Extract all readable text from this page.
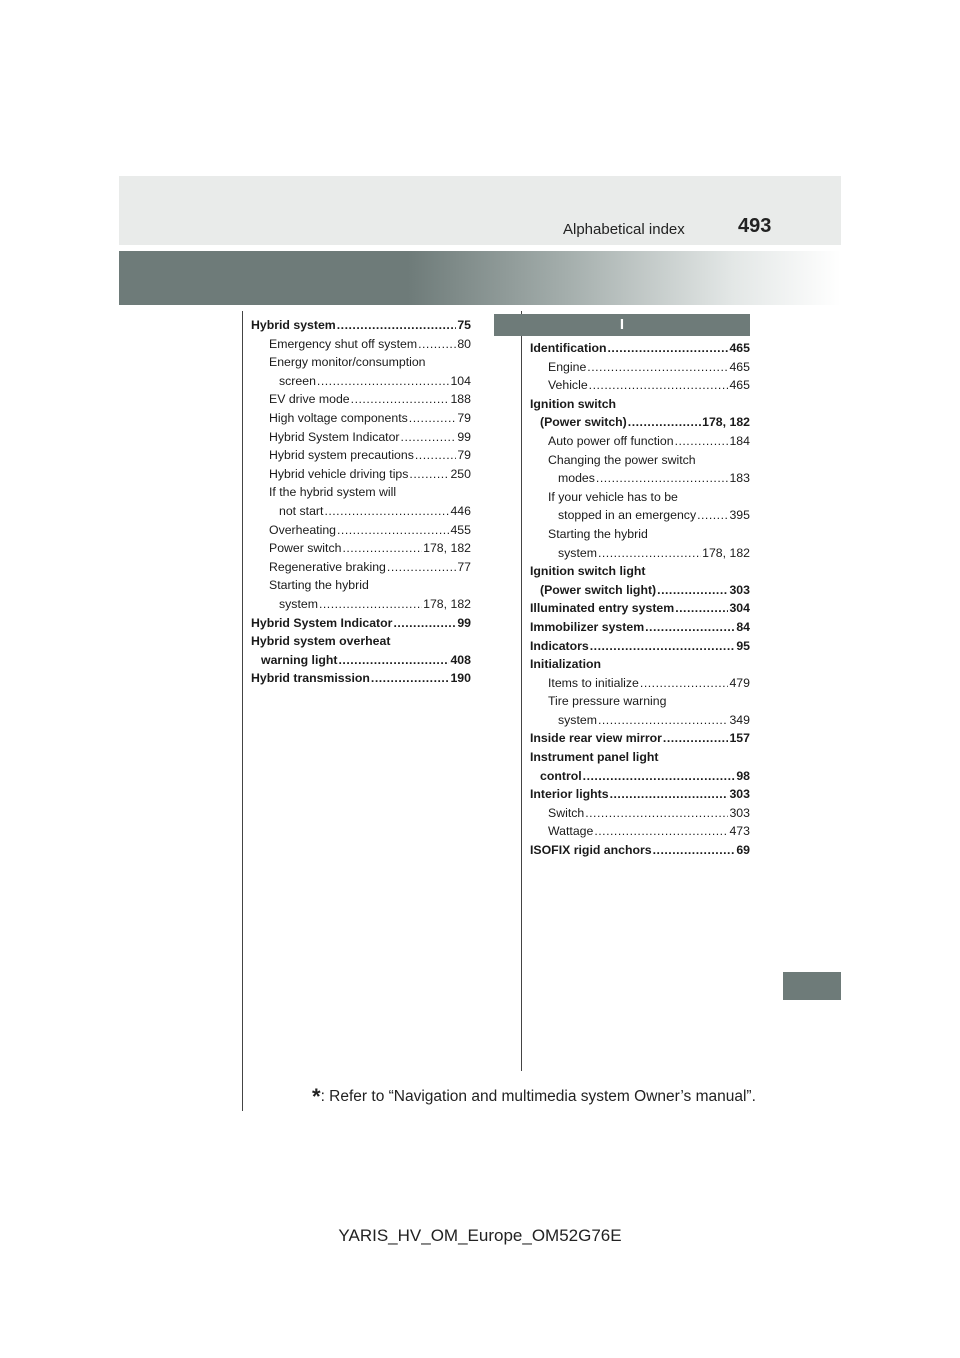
Alphabetical index	493
I
Hybrid system .....	75
Emergency shut off system .....	80
Energy monitor/consumption
screen .....	104
EV drive mode .....	188
High voltage components .....	79
Hybrid System Indicator .....	99
Hybrid system precautions .....	79
Hybrid vehicle driving tips .....	250
If the hybrid system will
not start .....	446
Overheating .....	455
Power switch .....	178, 182
Regenerative braking .....	77
Starting the hybrid
system .....	178, 182
Hybrid System Indicator .....	99
Hybrid system overheat
warning light .....	408
Hybrid transmission .....	190
Identification .....	465
Engine .....	465
Vehicle .....	465
Ignition switch
(Power switch) .....	178, 182
Auto power off function .....	184
Changing the power switch
modes .....	183
If your vehicle has to be
stopped in an emergency .....	395
Starting the hybrid
system .....	178, 182
Ignition switch light
(Power switch light) .....	303
Illuminated entry system .....	304
Immobilizer system .....	84
Indicators .....	95
Initialization
Items to initialize .....	479
Tire pressure warning
system .....	349
Inside rear view mirror .....	157
Instrument panel light
control .....	98
Interior lights .....	303
Switch .....	303
Wattage .....	473
ISOFIX rigid anchors .....	69
*: Refer to “Navigation and multimedia system Owner’s manual”.
YARIS_HV_OM_Europe_OM52G76E
